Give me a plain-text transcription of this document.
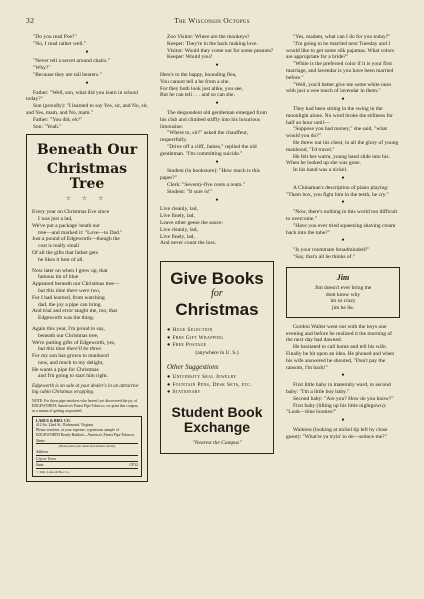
32	The Wisconsin Octopus

"Do you read Poe?"

"No, I read rather well."

●

"Never tell a secret around chairs."

"Why?"

"Because they are tail bearers."

●

Father: "Well, son, what did you learn in school today?"

Son (proudly): "I learned to say Yes, sir, and No, sir, and Yes, mam, and No, mam."

Father: "You did, eh?"

Son: "Yeah."

Beneath Our
Christmas Tree
☆ ☆ ☆
Every year on Christmas Eve since
I was just a lad,
We've put a package 'neath our
tree—and marked it: "Love—to Dad."
Just a pound of Edgeworth—though the
cost is really small
Of all the gifts that father gets
he likes it best of all.
Now later on when I grew up, that
famous tin of blue
Appeared beneath our Christmas tree—
but this time there were two,
For I had learned, from watching
dad, the joy a pipe can bring.
And trial and error taught me, too, that
Edgeworth was the thing.
Again this year, I'm proud to say,
beneath our Christmas tree,
We're putting gifts of Edgeworth, yes,
but this time there'll be three.
For my son has grown to manhood
now, and much to my delight,
He wants a pipe for Christmas
and I'm going to start him right.

Edgeworth is on sale at your dealer's in an attractive big cabin Christmas wrapping.

NOTE: For those pipe smokers who haven't yet discovered the joy of EDGEWORTH, America's Finest Pipe Tobacco, we print this coupon, as a means of getting acquainted.

LARUS & BRO. CO.
412 So. 22nd St., Richmond, Virginia
Please send me, at your expense, a generous sample of EDGEWORTH Ready-Rubbed—America's Finest Pipe Tobacco.
Name
(Please print your name and address clearly)
Address
City or Town
State	CP12
© 1941, Larus & Bro. Co.

Zoo Visitor: Where are the monkeys?

Keeper: They're in the back making love.

Visitor: Would they come out for some peanuts?

Keeper: Would you?

●

Here's to the happy, bounding flea,

You cannot tell a he from a she.

For they both look just alike, you see,

But he can tell . . . and so can she.

●

The despondent old gentleman emerged from his club and climbed stiffly into his luxurious limousine.

"Where to, sir?" asked the chauffeur, respectfully.

"Drive off a cliff, James," replied the old gentleman. "I'm committing suicide."

●

Student (in bookstore): "How much is this paper?"

Clerk: "Seventy-five cents a ream."

Student: "It sure is!"

●

Live cleanly, lad,

Live finely, lad,

Leave other geese the sauce:

Live cleanly, lad,

Live finely, lad,

And never count the loss.

Give Books
for
Christmas
● Huge Selection
● Free Gift Wrapping
● Free Postage
(anywhere in U. S.)
Other Suggestions
● University Seal Jewelry
● Fountain Pens, Desk Sets, etc.
● Stationary
Student Book
Exchange
"Nearest the Campus"

"Yes, madam, what can I do for you today?"

"I'm going to be married next Tuesday and I would like to get some silk pajamas. What colors are appropriate for a bride?"

"White is the preferred color if it is your first marriage, and lavendar is you have been married before."

"Well, you'd better give me some white ones with just a wee touch of lavendar in them."

●

They had been sitting in the swing in the moonlight alone. No word broke the stillness for half an hour until—

"Suppose you had money," she said, "what would you do?"

He threw out his chest, in all the glory of young manhood, "I'd travel."

He felt her warm, young hand slide into his. When he looked up she was gone.

In his hand was a nickel.

●

A Chinaman's description of piano playing: "Them box, you fight him in the teeth, he cry."

●

"Now, there's nothing in this world too difficult to overcome."

"Have you ever tried squeezing shaving cream back into the tube?"

●

"Is your roommate broadminded?"

"Say, that's all he thinks of."

Jim
Jim doesn't ever bring me
dont know why
im so crazy
jim he lie.

Gordon Walter went out with the boys one evening and before he realized it the morning of the next day had dawned.

He hesitated to call home and tell his wife. Finally he hit upon an idea. He phoned and when his wife answered he shouted, "Don't pay the ransom, I'm back!"

●

First little baby in maternity ward, to second baby: "I'm a little boy baby."

Second baby: "Are you? How do you know?"

First baby (lifting up his little nightgown): "Look—blue booties!"

●

Waitress (looking at nickel tip left by close guest): "What're ya tryin' to do—seduce me?"
